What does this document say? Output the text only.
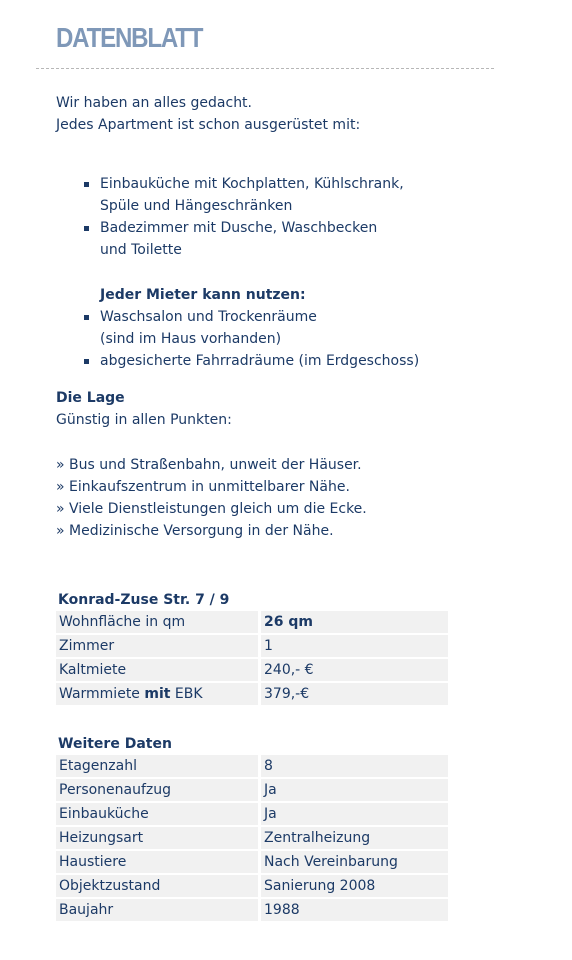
DATENBLATT
Wir haben an alles gedacht.
Jedes Apartment ist schon ausgerüstet mit:
Einbauküche mit Kochplatten, Kühlschrank,
Spüle und Hängeschränken
Badezimmer mit Dusche, Waschbecken
und Toilette
Jeder Mieter kann nutzen:
Waschsalon und Trockenräume
(sind im Haus vorhanden)
abgesicherte Fahrradräume (im Erdgeschoss)
Die Lage
Günstig in allen Punkten:
» Bus und Straßenbahn, unweit der Häuser.
» Einkaufszentrum in unmittelbarer Nähe.
» Viele Dienstleistungen gleich um die Ecke.
» Medizinische Versorgung in der Nähe.
Konrad-Zuse Str. 7 / 9
Wohnfläche in qm	26 qm
Zimmer	1
Kaltmiete	240,- €
Warmmiete mit EBK	379,-€
Weitere Daten
Etagenzahl	8
Personenaufzug	Ja
Einbauküche	Ja
Heizungsart	Zentralheizung
Haustiere	Nach Vereinbarung
Objektzustand	Sanierung 2008
Baujahr	1988
